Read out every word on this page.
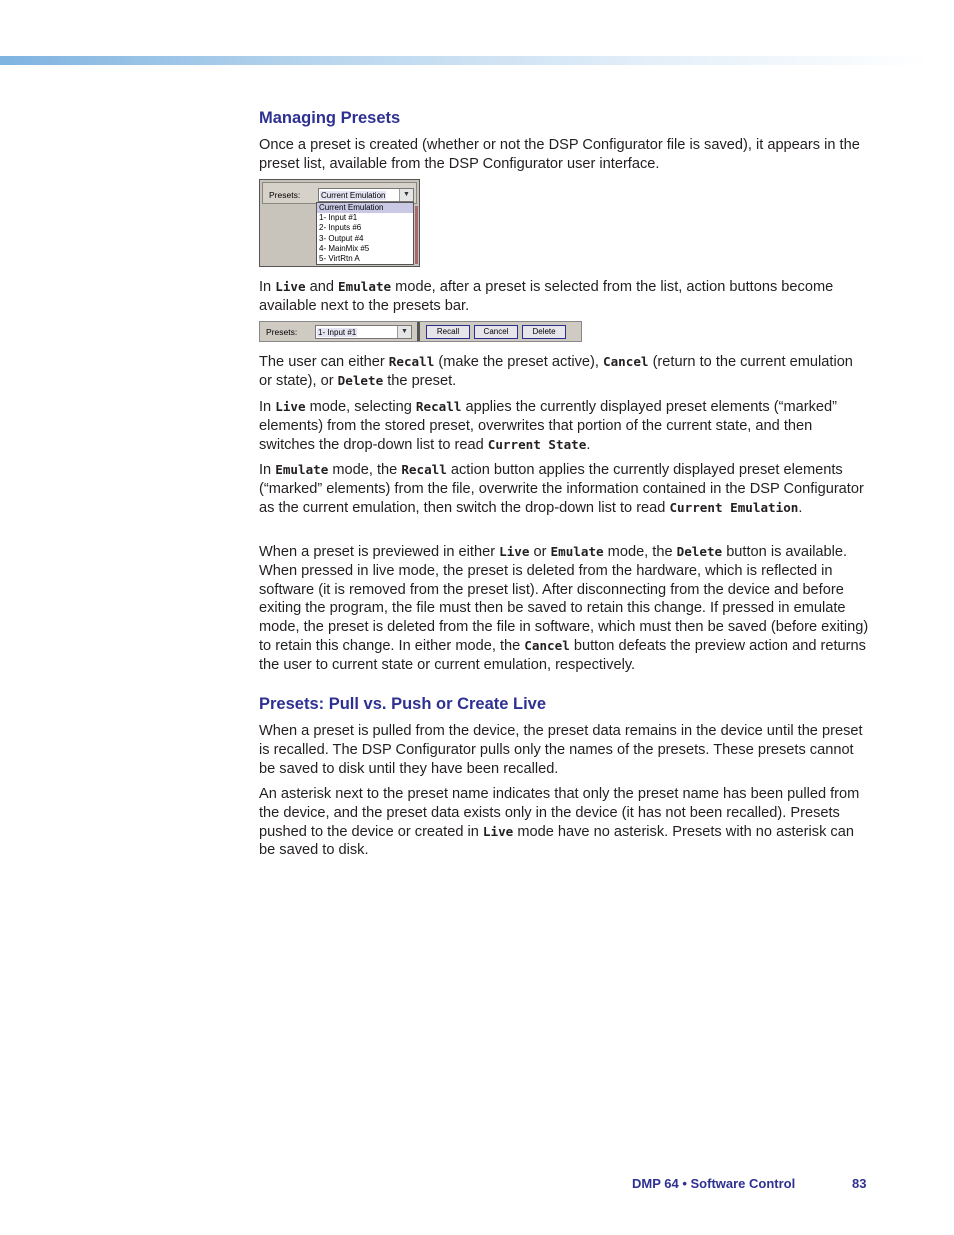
Managing Presets

Once a preset is created (whether or not the DSP Configurator file is saved), it appears in the preset list, available from the DSP Configurator user interface.

Presets:	Current Emulation	▼
Current Emulation
1- Input #1
2- Inputs #6
3- Output #4
4- MainMix #5
5- VirtRtn A

In Live and Emulate mode, after a preset is selected from the list, action buttons become available next to the presets bar.

Presets:	1- Input #1	▼	Recall	Cancel	Delete

The user can either Recall (make the preset active), Cancel (return to the current emulation or state), or Delete the preset.

In Live mode, selecting Recall applies the currently displayed preset elements (“marked” elements) from the stored preset, overwrites that portion of the current state, and then switches the drop-down list to read Current State.

In Emulate mode, the Recall action button applies the currently displayed preset elements (“marked” elements) from the file, overwrite the information contained in the DSP Configurator as the current emulation, then switch the drop-down list to read Current Emulation.

When a preset is previewed in either Live or Emulate mode, the Delete button is available. When pressed in live mode, the preset is deleted from the hardware, which is reflected in software (it is removed from the preset list). After disconnecting from the device and before exiting the program, the file must then be saved to retain this change. If pressed in emulate mode, the preset is deleted from the file in software, which must then be saved (before exiting) to retain this change. In either mode, the Cancel button defeats the preview action and returns the user to current state or current emulation, respectively.

Presets: Pull vs. Push or Create Live

When a preset is pulled from the device, the preset data remains in the device until the preset is recalled. The DSP Configurator pulls only the names of the presets. These presets cannot be saved to disk until they have been recalled.

An asterisk next to the preset name indicates that only the preset name has been pulled from the device, and the preset data exists only in the device (it has not been recalled). Presets pushed to the device or created in Live mode have no asterisk. Presets with no asterisk can be saved to disk.

DMP 64 • Software Control	83
